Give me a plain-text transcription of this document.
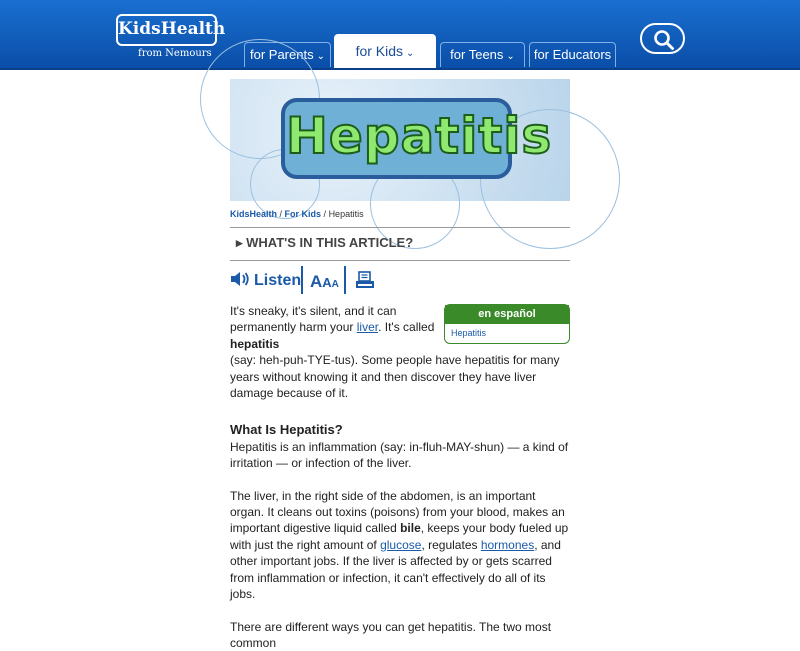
KidsHealth
from Nemours	for Parents ⌄	for Kids ⌄	for Teens ⌄	for Educators
Hepatitis
KidsHealth / For Kids / Hepatitis
▸ WHAT'S IN THIS ARTICLE?
Listen AAA
en español
Hepatitis

It's sneaky, it's silent, and it can permanently harm your liver. It's called hepatitis
(say: heh-puh-TYE-tus). Some people have hepatitis for many years without knowing it and then discover they have liver damage because of it.

What Is Hepatitis?

Hepatitis is an inflammation (say: in-fluh-MAY-shun) — a kind of irritation — or infection of the liver.

The liver, in the right side of the abdomen, is an important organ. It cleans out toxins (poisons) from your blood, makes an important digestive liquid called bile, keeps your body fueled up with just the right amount of glucose, regulates hormones, and other important jobs. If the liver is affected by or gets scarred from inflammation or infection, it can't effectively do all of its jobs.

There are different ways you can get hepatitis. The two most common
